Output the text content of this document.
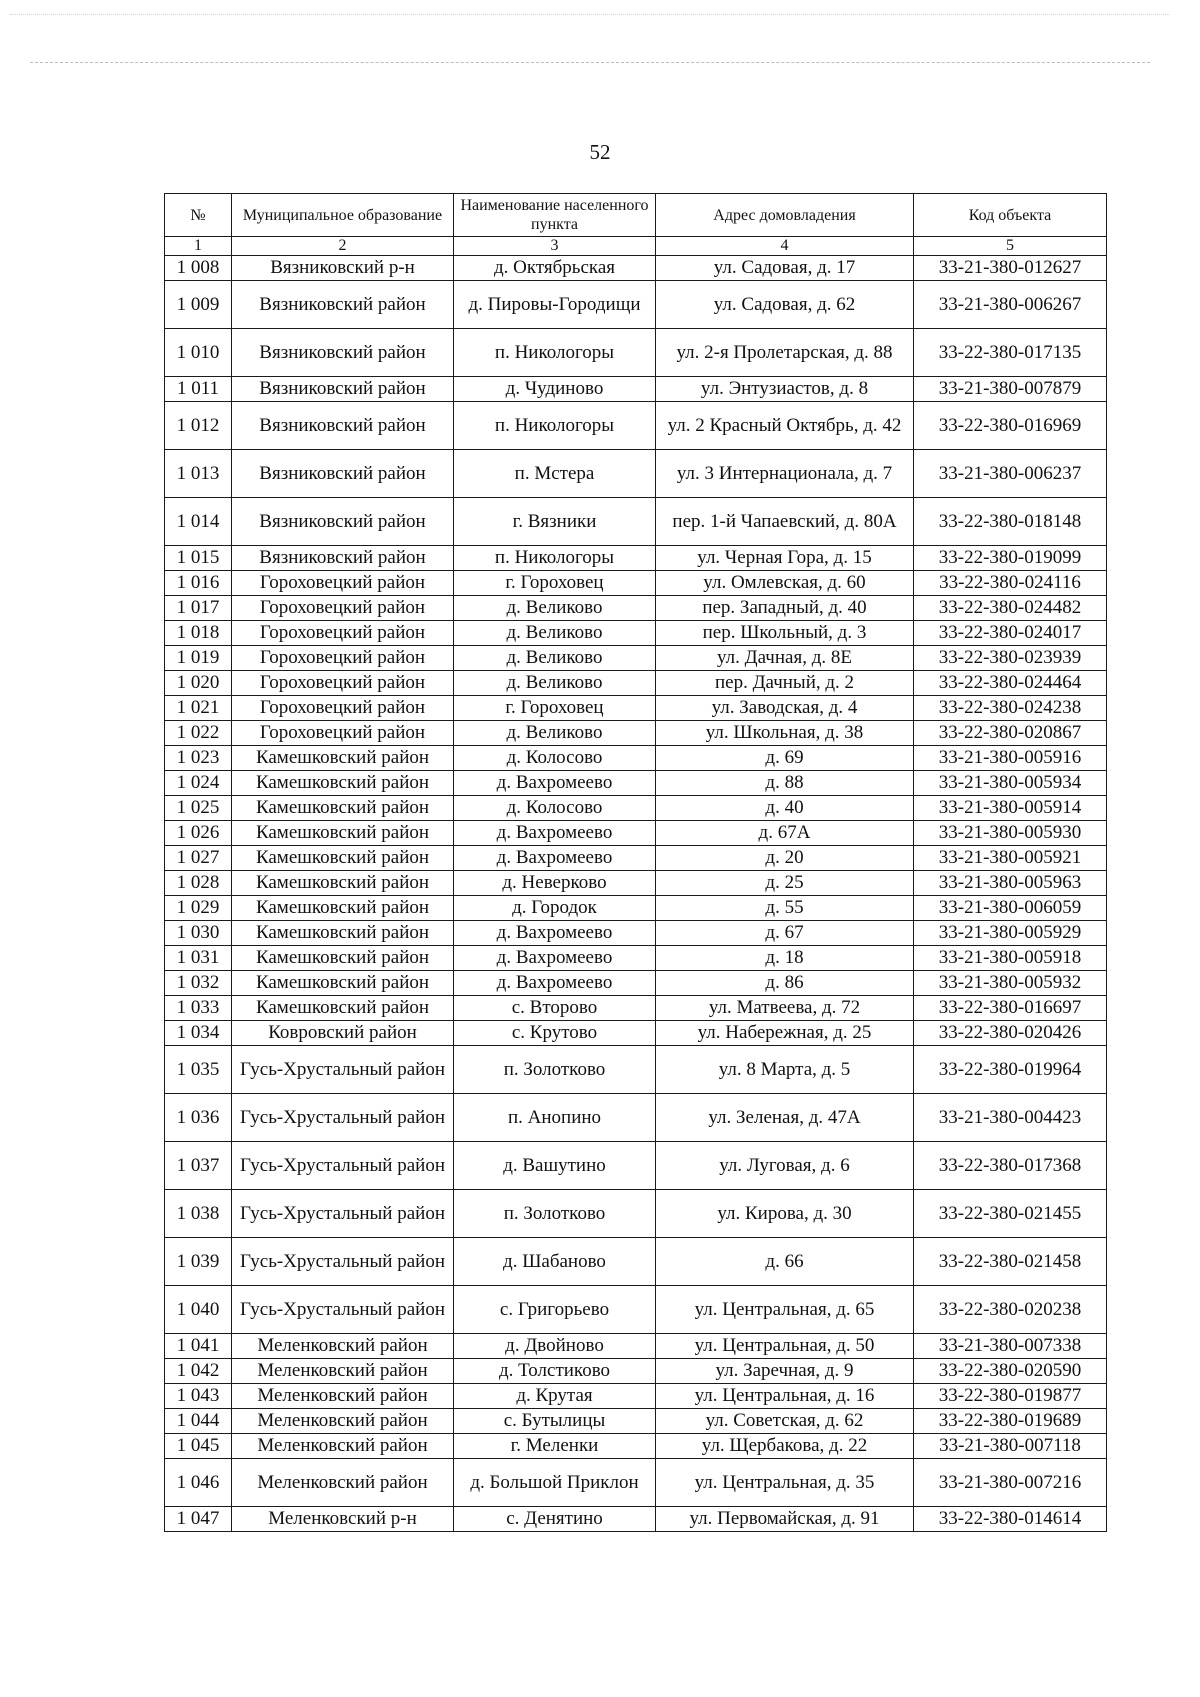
52
№	Муниципальное образование	Наименование населенного пункта	Адрес домовладения	Код объекта
1	2	3	4	5
1 008	Вязниковский р-н	д. Октябрьская	ул. Садовая, д. 17	33-21-380-012627
1 009	Вязниковский район	д. Пировы-Городищи	ул. Садовая, д. 62	33-21-380-006267
1 010	Вязниковский район	п. Никологоры	ул. 2-я Пролетарская, д. 88	33-22-380-017135
1 011	Вязниковский район	д. Чудиново	ул. Энтузиастов, д. 8	33-21-380-007879
1 012	Вязниковский район	п. Никологоры	ул. 2 Красный Октябрь, д. 42	33-22-380-016969
1 013	Вязниковский район	п. Мстера	ул. 3 Интернационала, д. 7	33-21-380-006237
1 014	Вязниковский район	г. Вязники	пер. 1-й Чапаевский, д. 80А	33-22-380-018148
1 015	Вязниковский район	п. Никологоры	ул. Черная Гора, д. 15	33-22-380-019099
1 016	Гороховецкий район	г. Гороховец	ул. Омлевская, д. 60	33-22-380-024116
1 017	Гороховецкий район	д. Великово	пер. Западный, д. 40	33-22-380-024482
1 018	Гороховецкий район	д. Великово	пер. Школьный, д. 3	33-22-380-024017
1 019	Гороховецкий район	д. Великово	ул. Дачная, д. 8Е	33-22-380-023939
1 020	Гороховецкий район	д. Великово	пер. Дачный, д. 2	33-22-380-024464
1 021	Гороховецкий район	г. Гороховец	ул. Заводская, д. 4	33-22-380-024238
1 022	Гороховецкий район	д. Великово	ул. Школьная, д. 38	33-22-380-020867
1 023	Камешковский район	д. Колосово	д. 69	33-21-380-005916
1 024	Камешковский район	д. Вахромеево	д. 88	33-21-380-005934
1 025	Камешковский район	д. Колосово	д. 40	33-21-380-005914
1 026	Камешковский район	д. Вахромеево	д. 67А	33-21-380-005930
1 027	Камешковский район	д. Вахромеево	д. 20	33-21-380-005921
1 028	Камешковский район	д. Неверково	д. 25	33-21-380-005963
1 029	Камешковский район	д. Городок	д. 55	33-21-380-006059
1 030	Камешковский район	д. Вахромеево	д. 67	33-21-380-005929
1 031	Камешковский район	д. Вахромеево	д. 18	33-21-380-005918
1 032	Камешковский район	д. Вахромеево	д. 86	33-21-380-005932
1 033	Камешковский район	с. Второво	ул. Матвеева, д. 72	33-22-380-016697
1 034	Ковровский район	с. Крутово	ул. Набережная, д. 25	33-22-380-020426
1 035	Гусь-Хрустальный район	п. Золотково	ул. 8 Марта, д. 5	33-22-380-019964
1 036	Гусь-Хрустальный район	п. Анопино	ул. Зеленая, д. 47А	33-21-380-004423
1 037	Гусь-Хрустальный район	д. Вашутино	ул. Луговая, д. 6	33-22-380-017368
1 038	Гусь-Хрустальный район	п. Золотково	ул. Кирова, д. 30	33-22-380-021455
1 039	Гусь-Хрустальный район	д. Шабаново	д. 66	33-22-380-021458
1 040	Гусь-Хрустальный район	с. Григорьево	ул. Центральная, д. 65	33-22-380-020238
1 041	Меленковский район	д. Двойново	ул. Центральная, д. 50	33-21-380-007338
1 042	Меленковский район	д. Толстиково	ул. Заречная, д. 9	33-22-380-020590
1 043	Меленковский район	д. Крутая	ул. Центральная, д. 16	33-22-380-019877
1 044	Меленковский район	с. Бутылицы	ул. Советская, д. 62	33-22-380-019689
1 045	Меленковский район	г. Меленки	ул. Щербакова, д. 22	33-21-380-007118
1 046	Меленковский район	д. Большой Приклон	ул. Центральная, д. 35	33-21-380-007216
1 047	Меленковский р-н	с. Денятино	ул. Первомайская, д. 91	33-22-380-014614
